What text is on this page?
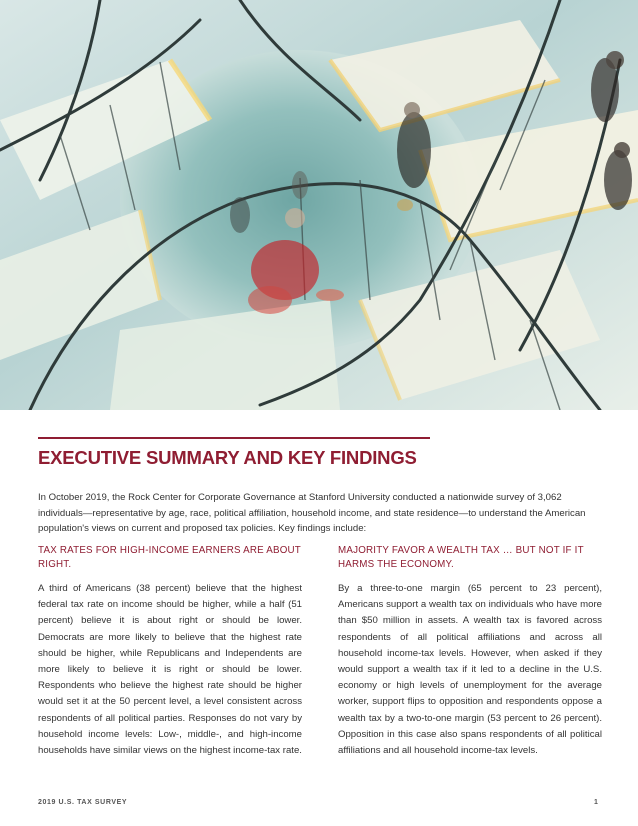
EXECUTIVE SUMMARY AND KEY FINDINGS

In October 2019, the Rock Center for Corporate Governance at Stanford University conducted a nationwide survey of 3,062 individuals—representative by age, race, political affiliation, household income, and state residence—to understand the American population's views on current and proposed tax policies. Key findings include:

TAX RATES FOR HIGH-INCOME EARNERS ARE ABOUT RIGHT.

A third of Americans (38 percent) believe that the highest federal tax rate on income should be higher, while a half (51 percent) believe it is about right or should be lower. Democrats are more likely to believe that the highest rate should be higher, while Republicans and Independents are more likely to believe it is right or should be lower. Respondents who believe the highest rate should be higher would set it at the 50 percent level, a level consistent across respondents of all political parties. Responses do not vary by household income levels: Low-, middle-, and high-income households have similar views on the highest income-tax rate.

MAJORITY FAVOR A WEALTH TAX … BUT NOT IF IT HARMS THE ECONOMY.

By a three-to-one margin (65 percent to 23 percent), Americans support a wealth tax on individuals who have more than $50 million in assets. A wealth tax is favored across respondents of all political affiliations and across all household income-tax levels. However, when asked if they would support a wealth tax if it led to a decline in the U.S. economy or high levels of unemployment for the average worker, support flips to opposition and respondents oppose a wealth tax by a two-to-one margin (53 percent to 26 percent). Opposition in this case also spans respondents of all political affiliations and all household income-tax levels.

2019 U.S. TAX SURVEY	1
